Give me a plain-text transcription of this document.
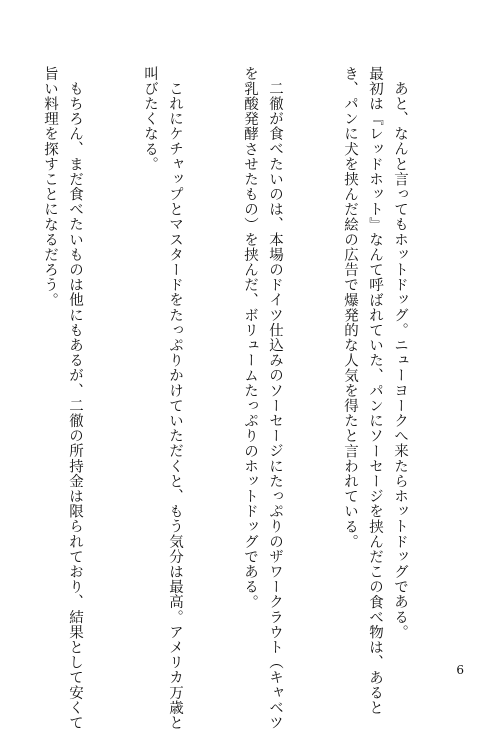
あと、なんと言ってもホットドッグ。ニューヨークへ来たらホットドッグである。
最初は『レッドホット』なんて呼ばれていた、パンにソーセージを挟んだこの食べ物は、あると
き、パンに犬を挟んだ絵の広告で爆発的な人気を得たと言われている。

二徹が食べたいのは、本場のドイツ仕込みのソーセージにたっぷりのザワークラウト（キャベツ
を乳酸発酵させたもの）を挟んだ、ボリュームたっぷりのホットドッグである。

これにケチャップとマスタードをたっぷりかけていただくと、もう気分は最高。アメリカ万歳と
叫びたくなる。

もちろん、まだ食べたいものは他にもあるが、二徹の所持金は限られており、結果として安くて
旨い料理を探すことになるだろう。

6
